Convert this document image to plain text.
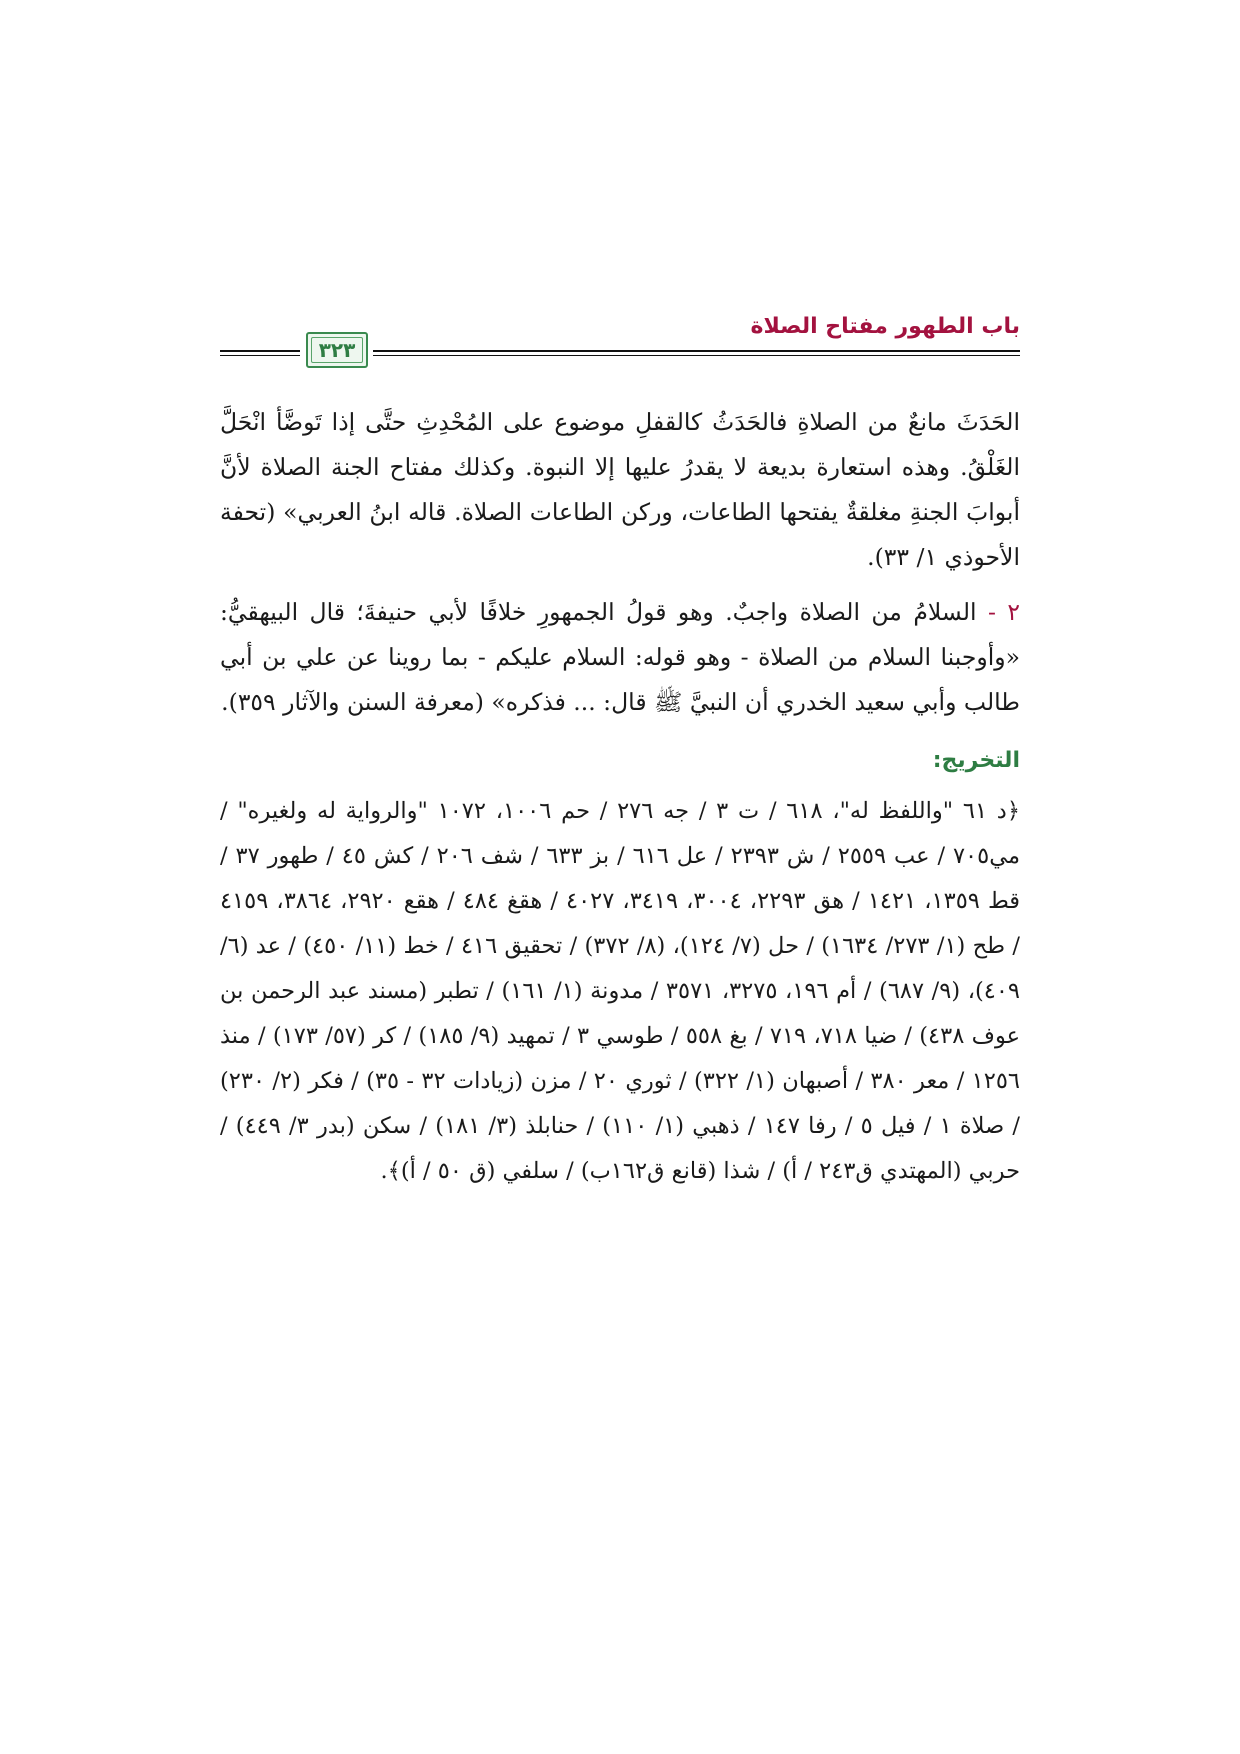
باب الطهور مفتاح الصلاة
٣٢٣

الحَدَثَ مانعٌ من الصلاةِ فالحَدَثُ كالقفلِ موضوع على المُحْدِثِ حتَّى إذا تَوضَّأ انْحَلَّ الغَلْقُ. وهذه استعارة بديعة لا يقدرُ عليها إلا النبوة. وكذلك مفتاح الجنة الصلاة لأنَّ أبوابَ الجنةِ مغلقةٌ يفتحها الطاعات، وركن الطاعات الصلاة. قاله ابنُ العربي» (تحفة الأحوذي ١/ ٣٣).

٢ - السلامُ من الصلاة واجبٌ. وهو قولُ الجمهورِ خلافًا لأبي حنيفةَ؛ قال البيهقيُّ: «وأوجبنا السلام من الصلاة - وهو قوله: السلام عليكم - بما روينا عن علي بن أبي طالب وأبي سعيد الخدري أن النبيَّ ﷺ قال: ... فذكره» (معرفة السنن والآثار ٣٥٩).

التخريج:

﴿د ٦١ "واللفظ له"، ٦١٨ / ت ٣ / جه ٢٧٦ / حم ١٠٠٦، ١٠٧٢ "والرواية له ولغيره" / مي٧٠٥ / عب ٢٥٥٩ / ش ٢٣٩٣ / عل ٦١٦ / بز ٦٣٣ / شف ٢٠٦ / كش ٤٥ / طهور ٣٧ / قط ١٣٥٩، ١٤٢١ / هق ٢٢٩٣، ٣٠٠٤، ٣٤١٩، ٤٠٢٧ / هقغ ٤٨٤ / هقع ٢٩٢٠، ٣٨٦٤، ٤١٥٩ / طح (١/ ٢٧٣/ ١٦٣٤) / حل (٧/ ١٢٤)، (٨/ ٣٧٢) / تحقيق ٤١٦ / خط (١١/ ٤٥٠) / عد (٦/ ٤٠٩)، (٩/ ٦٨٧) / أم ١٩٦، ٣٢٧٥، ٣٥٧١ / مدونة (١/ ١٦١) / تطبر (مسند عبد الرحمن بن عوف ٤٣٨) / ضيا ٧١٨، ٧١٩ / بغ ٥٥٨ / طوسي ٣ / تمهيد (٩/ ١٨٥) / كر (٥٧/ ١٧٣) / منذ ١٢٥٦ / معر ٣٨٠ / أصبهان (١/ ٣٢٢) / ثوري ٢٠ / مزن (زيادات ٣٢ - ٣٥) / فكر (٢/ ٢٣٠) / صلاة ١ / فيل ٥ / رفا ١٤٧ / ذهبي (١/ ١١٠) / حنابلذ (٣/ ١٨١) / سكن (بدر ٣/ ٤٤٩) / حربي (المهتدي ق٢٤٣ / أ) / شذا (قانع ق١٦٢ب) / سلفي (ق ٥٠ / أ)﴾.
